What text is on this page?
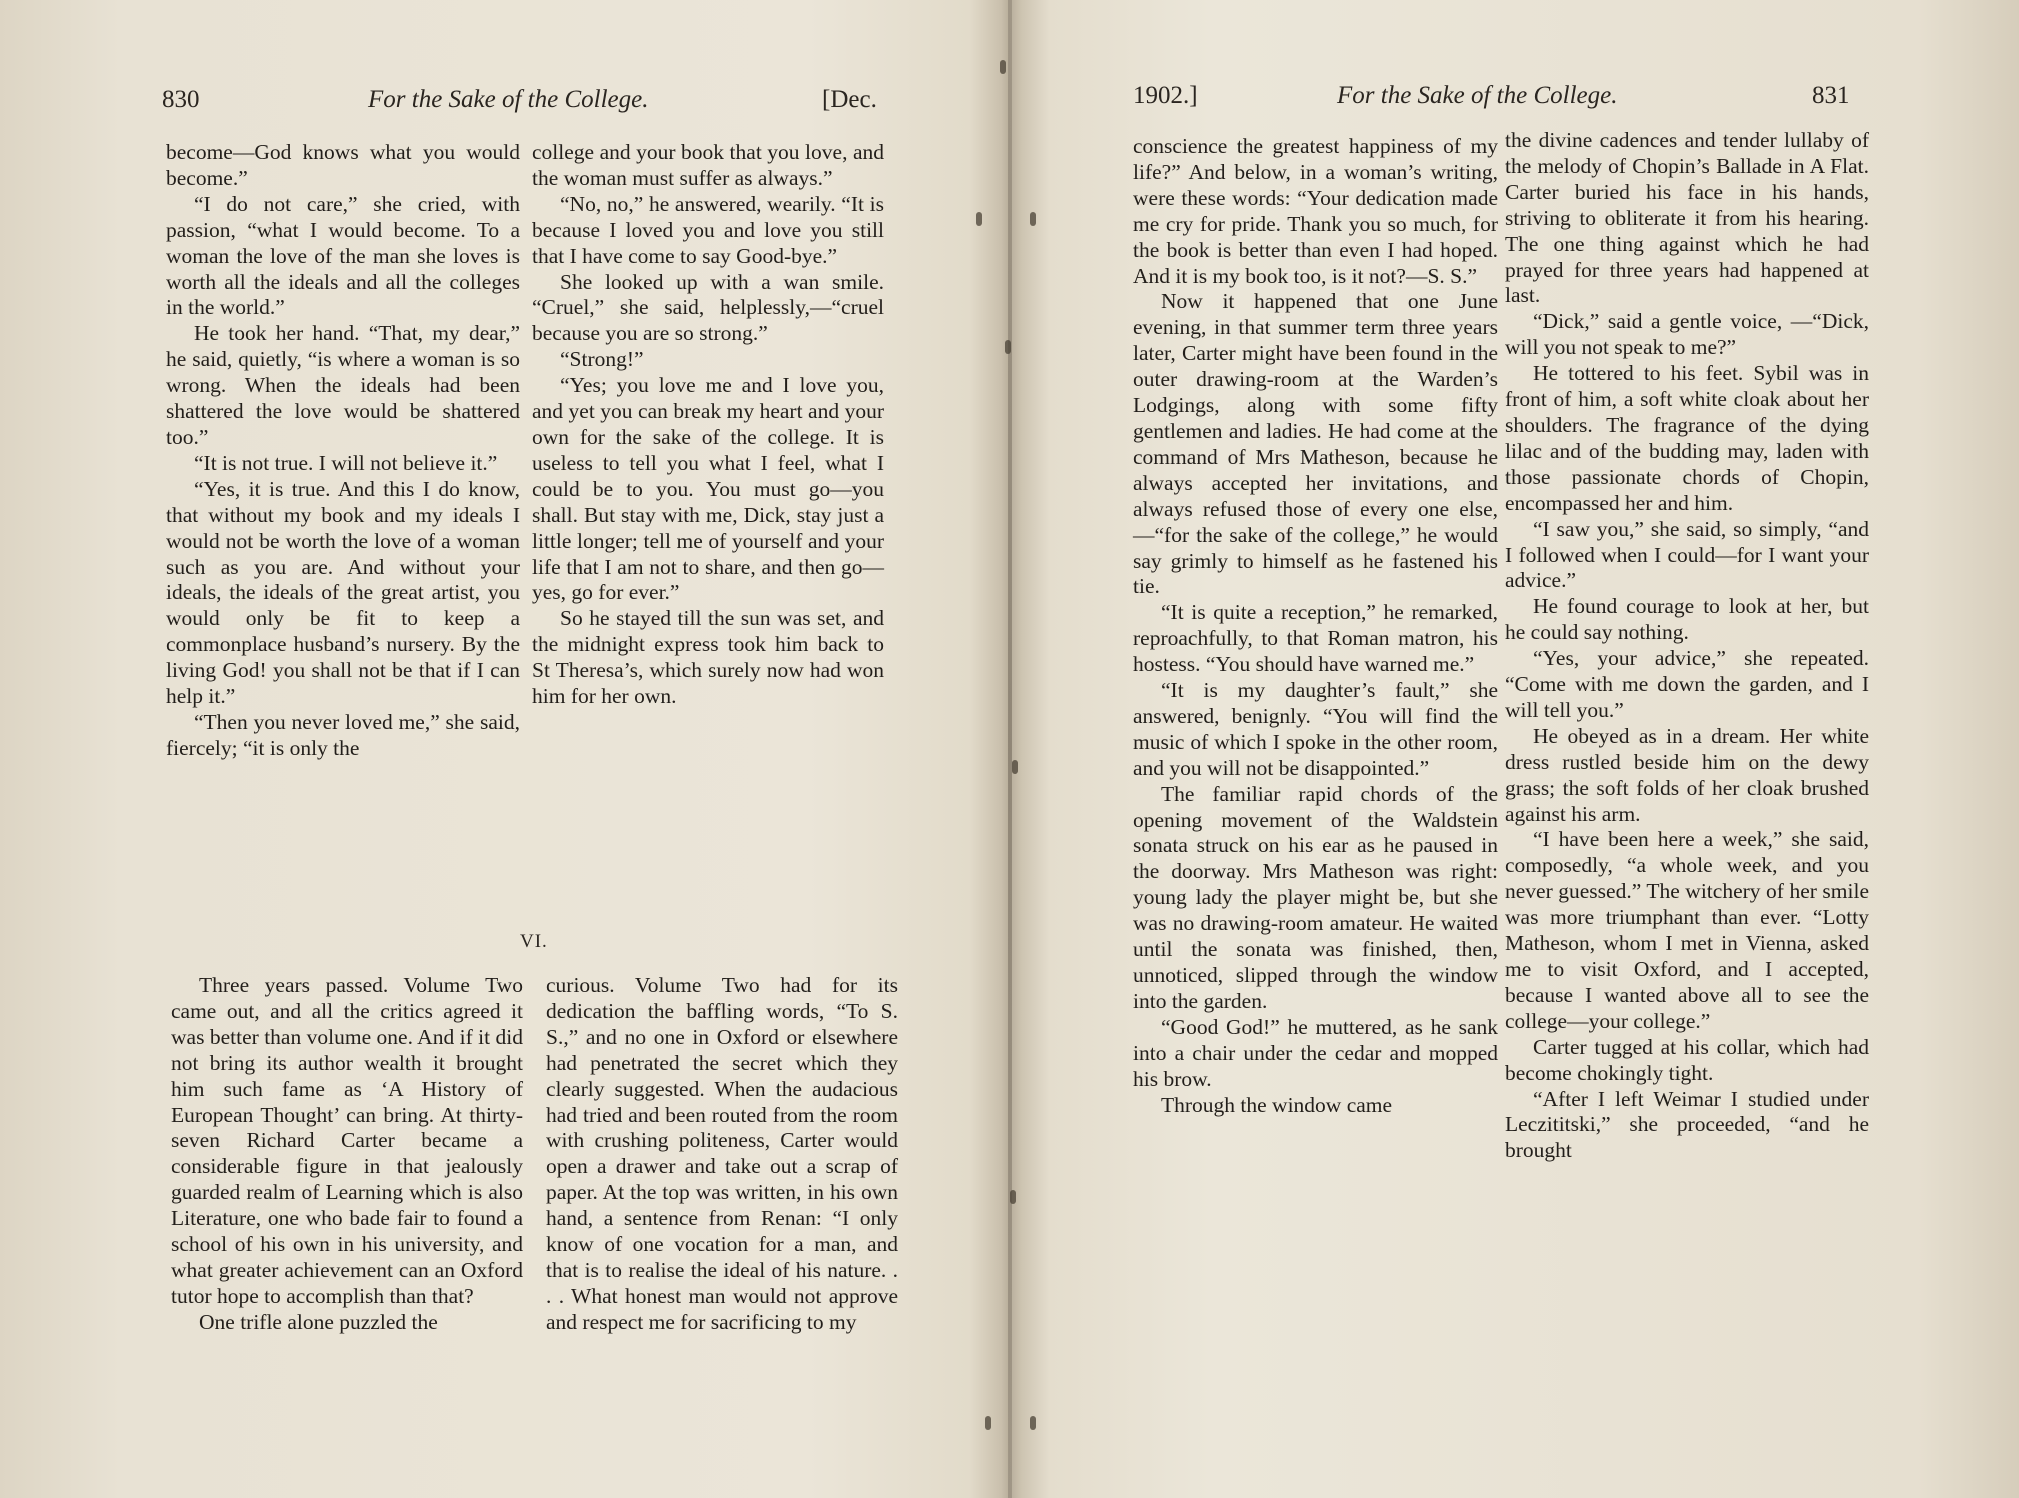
830	For the Sake of the College.	[Dec.

become—God knows what you would become.”

“I do not care,” she cried, with passion, “what I would become. To a woman the love of the man she loves is worth all the ideals and all the colleges in the world.”

He took her hand. “That, my dear,” he said, quietly, “is where a woman is so wrong. When the ideals had been shattered the love would be shattered too.”

“It is not true. I will not believe it.”

“Yes, it is true. And this I do know, that without my book and my ideals I would not be worth the love of a woman such as you are. And without your ideals, the ideals of the great artist, you would only be fit to keep a commonplace husband’s nursery. By the living God! you shall not be that if I can help it.”

“Then you never loved me,” she said, fiercely; “it is only the

college and your book that you love, and the woman must suffer as always.”

“No, no,” he answered, wearily. “It is because I loved you and love you still that I have come to say Good-bye.”

She looked up with a wan smile. “Cruel,” she said, helplessly,—“cruel because you are so strong.”

“Strong!”

“Yes; you love me and I love you, and yet you can break my heart and your own for the sake of the college. It is useless to tell you what I feel, what I could be to you. You must go—you shall. But stay with me, Dick, stay just a little longer; tell me of yourself and your life that I am not to share, and then go—yes, go for ever.”

So he stayed till the sun was set, and the midnight express took him back to St Theresa’s, which surely now had won him for her own.

VI.

Three years passed. Volume Two came out, and all the critics agreed it was better than volume one. And if it did not bring its author wealth it brought him such fame as ‘A History of European Thought’ can bring. At thirty-seven Richard Carter became a considerable figure in that jealously guarded realm of Learning which is also Literature, one who bade fair to found a school of his own in his university, and what greater achievement can an Oxford tutor hope to accomplish than that?

One trifle alone puzzled the

curious. Volume Two had for its dedication the baffling words, “To S. S.,” and no one in Oxford or elsewhere had penetrated the secret which they clearly suggested. When the audacious had tried and been routed from the room with crushing politeness, Carter would open a drawer and take out a scrap of paper. At the top was written, in his own hand, a sentence from Renan: “I only know of one vocation for a man, and that is to realise the ideal of his nature. . . . What honest man would not approve and respect me for sacrificing to my

1902.]	For the Sake of the College.	831

conscience the greatest happiness of my life?” And below, in a woman’s writing, were these words: “Your dedication made me cry for pride. Thank you so much, for the book is better than even I had hoped. And it is my book too, is it not?—S. S.”

Now it happened that one June evening, in that summer term three years later, Carter might have been found in the outer drawing-room at the Warden’s Lodgings, along with some fifty gentlemen and ladies. He had come at the command of Mrs Matheson, because he always accepted her invitations, and always refused those of every one else,—“for the sake of the college,” he would say grimly to himself as he fastened his tie.

“It is quite a reception,” he remarked, reproachfully, to that Roman matron, his hostess. “You should have warned me.”

“It is my daughter’s fault,” she answered, benignly. “You will find the music of which I spoke in the other room, and you will not be disappointed.”

The familiar rapid chords of the opening movement of the Waldstein sonata struck on his ear as he paused in the doorway. Mrs Matheson was right: young lady the player might be, but she was no drawing-room amateur. He waited until the sonata was finished, then, unnoticed, slipped through the window into the garden.

“Good God!” he muttered, as he sank into a chair under the cedar and mopped his brow.

Through the window came

the divine cadences and tender lullaby of the melody of Chopin’s Ballade in A Flat. Carter buried his face in his hands, striving to obliterate it from his hearing. The one thing against which he had prayed for three years had happened at last.

“Dick,” said a gentle voice, —“Dick, will you not speak to me?”

He tottered to his feet. Sybil was in front of him, a soft white cloak about her shoulders. The fragrance of the dying lilac and of the budding may, laden with those passionate chords of Chopin, encompassed her and him.

“I saw you,” she said, so simply, “and I followed when I could—for I want your advice.”

He found courage to look at her, but he could say nothing.

“Yes, your advice,” she repeated. “Come with me down the garden, and I will tell you.”

He obeyed as in a dream. Her white dress rustled beside him on the dewy grass; the soft folds of her cloak brushed against his arm.

“I have been here a week,” she said, composedly, “a whole week, and you never guessed.” The witchery of her smile was more triumphant than ever. “Lotty Matheson, whom I met in Vienna, asked me to visit Oxford, and I accepted, because I wanted above all to see the college—your college.”

Carter tugged at his collar, which had become chokingly tight.

“After I left Weimar I studied under Leczititski,” she proceeded, “and he brought
